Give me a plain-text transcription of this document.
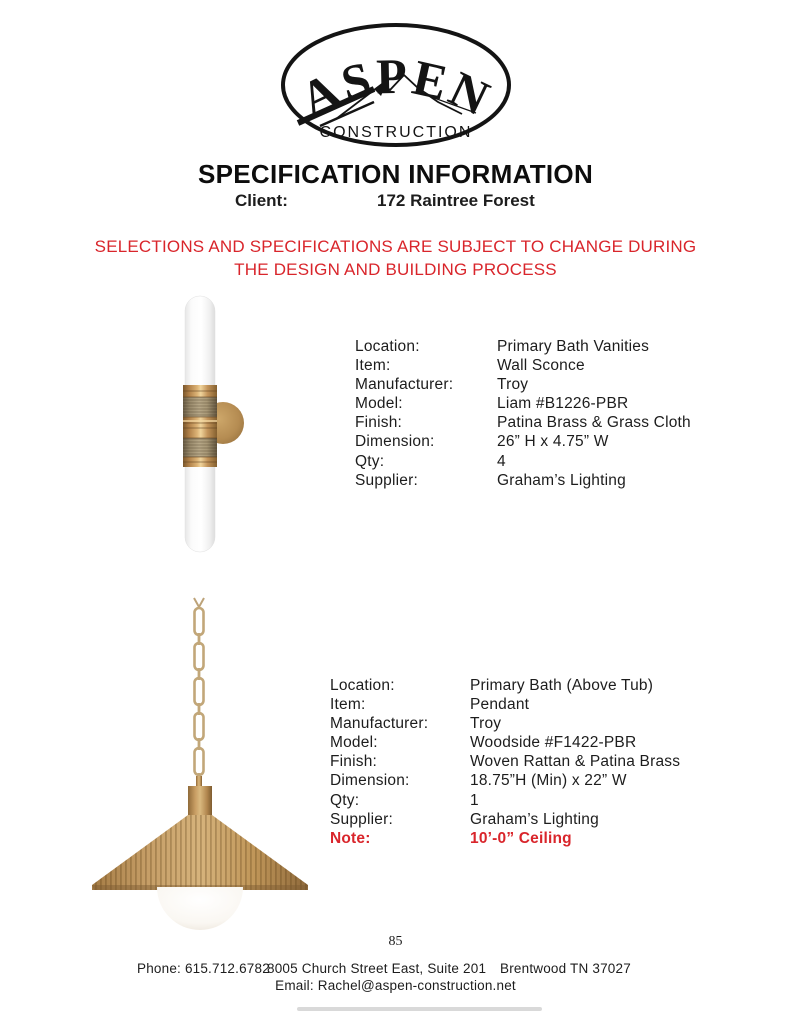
ASPEN
CONSTRUCTION
SPECIFICATION INFORMATION
Client:	172 Raintree Forest
SELECTIONS AND SPECIFICATIONS ARE SUBJECT TO CHANGE DURING
THE DESIGN AND BUILDING PROCESS
Location:	Primary Bath Vanities
Item:	Wall Sconce
Manufacturer:	Troy
Model:	Liam #B1226-PBR
Finish:	Patina Brass & Grass Cloth
Dimension:	26” H x 4.75” W
Qty:	4
Supplier:	Graham’s Lighting
Location:	Primary Bath (Above Tub)
Item:	Pendant
Manufacturer:	Troy
Model:	Woodside #F1422-PBR
Finish:	Woven Rattan & Patina Brass
Dimension:	18.75”H (Min) x 22” W
Qty:	1
Supplier:	Graham’s Lighting
Note:	10’-0” Ceiling
85
Phone: 615.712.6782
8005 Church Street East, Suite 201 Brentwood TN 37027
Email: Rachel@aspen-construction.net
